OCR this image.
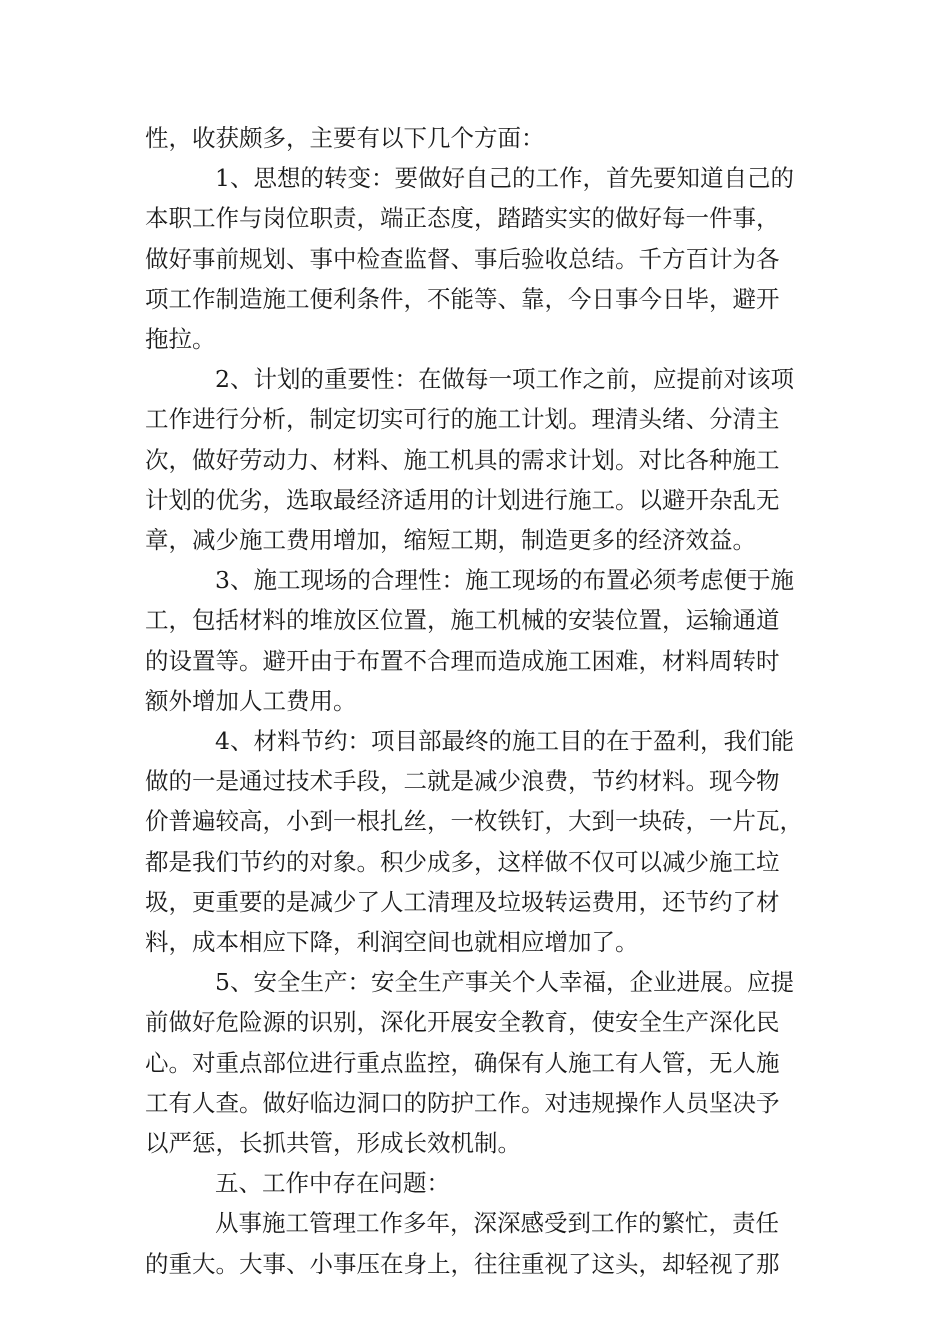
性，收获颇多，主要有以下几个方面：
1、思想的转变：要做好自己的工作，首先要知道自己的
本职工作与岗位职责，端正态度，踏踏实实的做好每一件事，
做好事前规划、事中检查监督、事后验收总结。千方百计为各
项工作制造施工便利条件，不能等、靠，今日事今日毕，避开
拖拉。
2、计划的重要性：在做每一项工作之前，应提前对该项
工作进行分析，制定切实可行的施工计划。理清头绪、分清主
次，做好劳动力、材料、施工机具的需求计划。对比各种施工
计划的优劣，选取最经济适用的计划进行施工。以避开杂乱无
章，减少施工费用增加，缩短工期，制造更多的经济效益。
3、施工现场的合理性：施工现场的布置必须考虑便于施
工，包括材料的堆放区位置，施工机械的安装位置，运输通道
的设置等。避开由于布置不合理而造成施工困难，材料周转时
额外增加人工费用。
4、材料节约：项目部最终的施工目的在于盈利，我们能
做的一是通过技术手段，二就是减少浪费，节约材料。现今物
价普遍较高，小到一根扎丝，一枚铁钉，大到一块砖，一片瓦，
都是我们节约的对象。积少成多，这样做不仅可以减少施工垃
圾，更重要的是减少了人工清理及垃圾转运费用，还节约了材
料，成本相应下降，利润空间也就相应增加了。
5、安全生产：安全生产事关个人幸福，企业进展。应提
前做好危险源的识别，深化开展安全教育，使安全生产深化民
心。对重点部位进行重点监控，确保有人施工有人管，无人施
工有人查。做好临边洞口的防护工作。对违规操作人员坚决予
以严惩，长抓共管，形成长效机制。
五、工作中存在问题：
从事施工管理工作多年，深深感受到工作的繁忙，责任
的重大。大事、小事压在身上，往往重视了这头，却轻视了那
